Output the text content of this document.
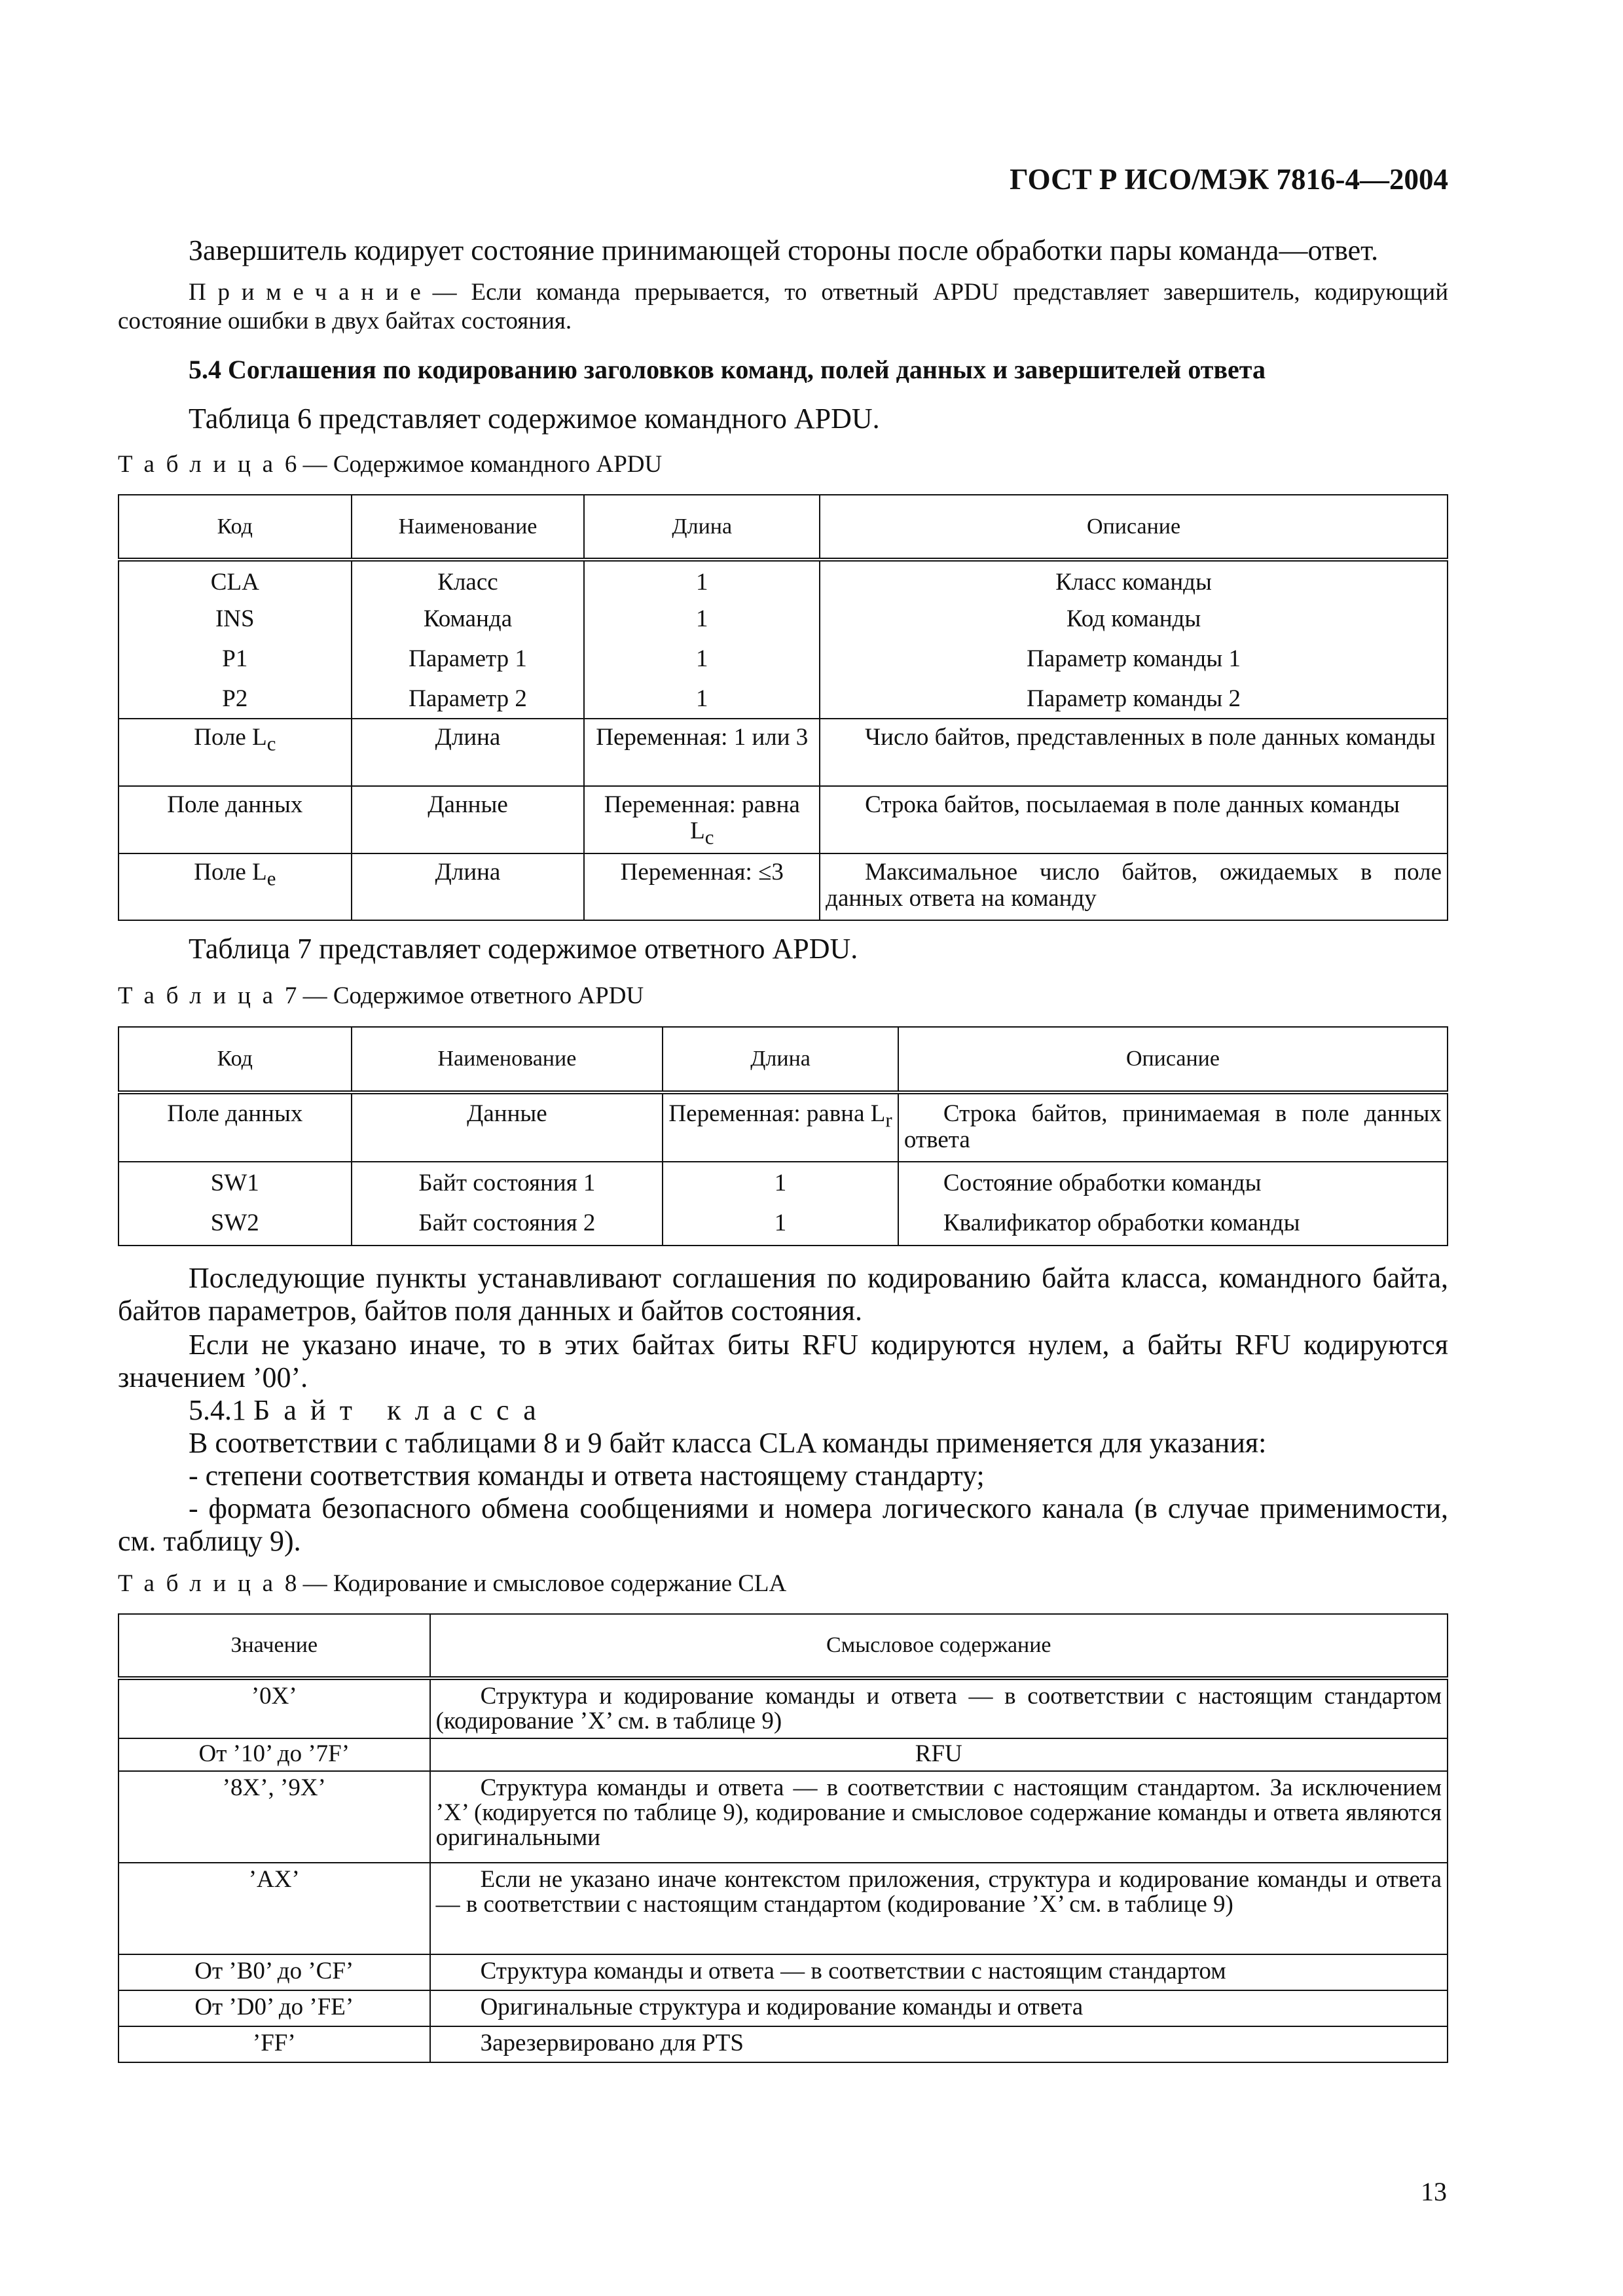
ГОСТ Р ИСО/МЭК 7816-4—2004
Завершитель кодирует состояние принимающей стороны после обработки пары команда—ответ.
Примечание— Если команда прерывается, то ответный APDU представляет завершитель, кодирующий состояние ошибки в двух байтах состояния.
5.4 Соглашения по кодированию заголовков команд, полей данных и завершителей ответа
Таблица 6 представляет содержимое командного APDU.
Таблица6 — Содержимое командного APDU
Код	Наименование	Длина	Описание
CLA	Класс	1	Класс команды
INS	Команда	1	Код команды
P1	Параметр 1	1	Параметр команды 1
P2	Параметр 2	1	Параметр команды 2
Поле $L_c$	Длина	Переменная: 1 или 3	Число байтов, представленных в поле данных команды
Поле данных	Данные	Переменная: равна $L_c$	Строка байтов, посылаемая в поле данных команды
Поле $L_e$	Длина	Переменная: ≤3	Максимальное число байтов, ожидаемых в поле данных ответа на команду
Таблица 7 представляет содержимое ответного APDU.
Таблица7 — Содержимое ответного APDU
Код	Наименование	Длина	Описание
Поле данных	Данные	Переменная: равна $L_r$	Строка байтов, принимаемая в поле данных ответа
SW1	Байт состояния 1	1	Состояние обработки команды
SW2	Байт состояния 2	1	Квалификатор обработки команды
Последующие пункты устанавливают соглашения по кодированию байта класса, командного байта, байтов параметров, байтов поля данных и байтов состояния.
Если не указано иначе, то в этих байтах биты RFU кодируются нулем, а байты RFU кодируются значением ’00’.
5.4.1 Байт класса
В соответствии с таблицами 8 и 9 байт класса CLA команды применяется для указания:
- степени соответствия команды и ответа настоящему стандарту;
- формата безопасного обмена сообщениями и номера логического канала (в случае применимости, см. таблицу 9).
Таблица8 — Кодирование и смысловое содержание CLA
Значение	Смысловое содержание
’0X’	Структура и кодирование команды и ответа — в соответствии с настоящим стандартом (кодирование ’X’ см. в таблице 9)
От ’10’ до ’7F’	RFU
’8X’, ’9X’	Структура команды и ответа — в соответствии с настоящим стандартом. За исключением ’X’ (кодируется по таблице 9), кодирование и смысловое содержание команды и ответа являются оригинальными
’AX’	Если не указано иначе контекстом приложения, структура и кодирование команды и ответа — в соответствии с настоящим стандартом (кодирование ’X’ см. в таблице 9)
От ’B0’ до ’CF’	Структура команды и ответа — в соответствии с настоящим стандартом
От ’D0’ до ’FE’	Оригинальные структура и кодирование команды и ответа
’FF’	Зарезервировано для PTS
13
